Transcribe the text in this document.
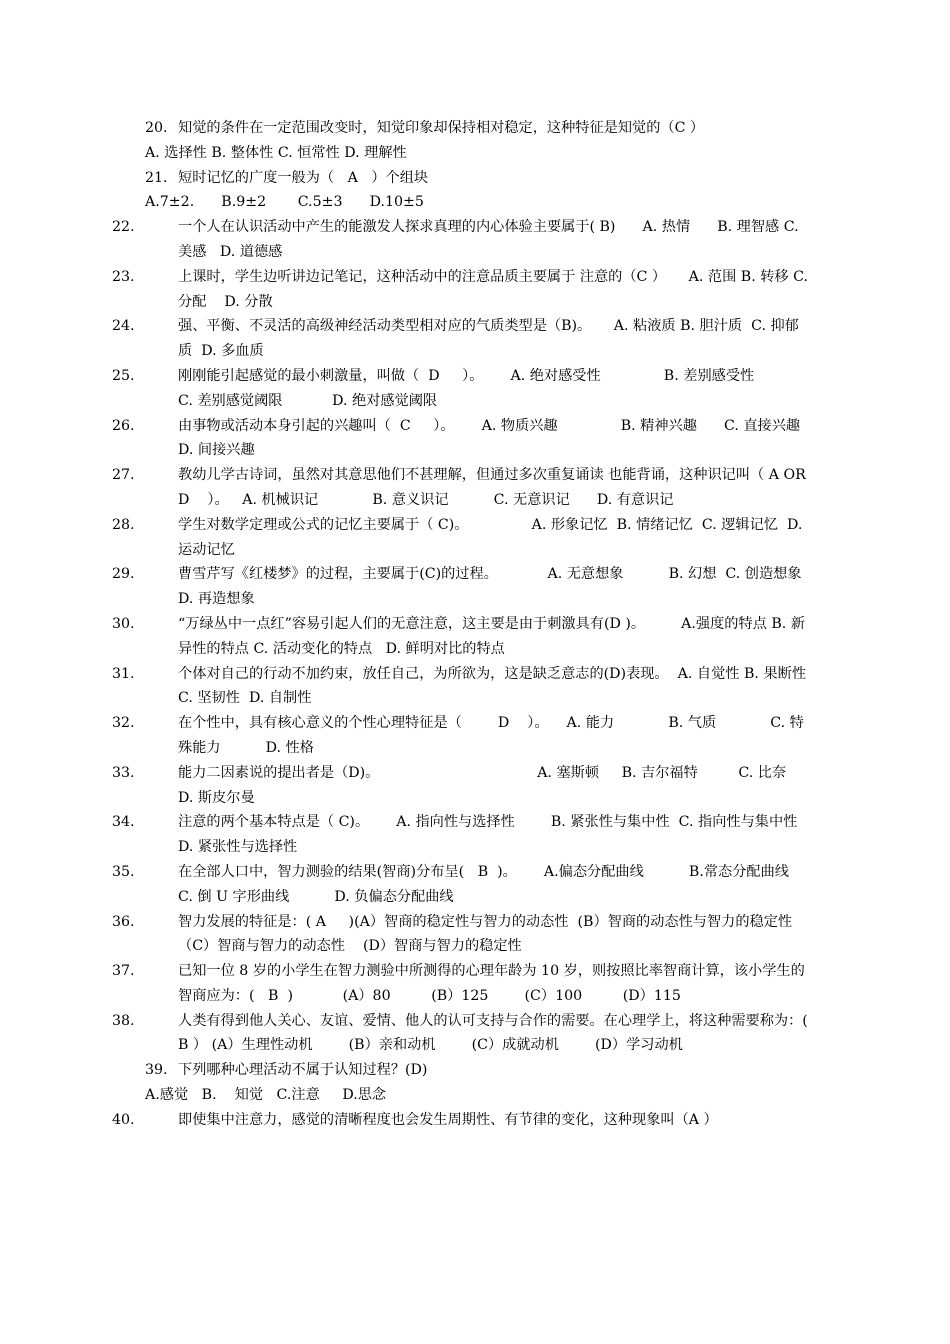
20. 知觉的条件在一定范围改变时，知觉印象却保持相对稳定，这种特征是知觉的（C ）

A. 选择性 B. 整体性 C. 恒常性 D. 理解性

21. 短时记忆的广度一般为（   A   ）个组块

A.7±2.      B.9±2       C.5±3      D.10±5

22.	一个人在认识活动中产生的能激发人探求真理的内心体验主要属于( B)      A. 热情      B. 理智感 C. 美感   D. 道德感

23.	上课时，学生边听讲边记笔记，这种活动中的注意品质主要属于 注意的（C ）     A. 范围 B. 转移 C. 分配    D. 分散

24.	强、平衡、不灵活的高级神经活动类型相对应的气质类型是（B)。     A. 粘液质 B. 胆汁质  C. 抑郁质  D. 多血质

25.	刚刚能引起感觉的最小刺激量，叫做（  D     ）。      A. 绝对感受性              B. 差别感受性          C. 差别感觉阈限           D. 绝对感觉阈限

26.	由事物或活动本身引起的兴趣叫（  C     ）。      A. 物质兴趣              B. 精神兴趣      C. 直接兴趣              D. 间接兴趣

27.	教幼儿学古诗词，虽然对其意思他们不甚理解，但通过多次重复诵读 也能背诵，这种识记叫（ A OR D    ）。   A. 机械识记            B. 意义识记          C. 无意识记      D. 有意识记

28.	学生对数学定理或公式的记忆主要属于（ C)。              A. 形象记忆  B. 情绪记忆  C. 逻辑记忆  D. 运动记忆

29.	曹雪芹写《红楼梦》的过程，主要属于(C)的过程。           A. 无意想象          B. 幻想  C. 创造想象       D. 再造想象

30.	“万绿丛中一点红”容易引起人们的无意注意，这主要是由于刺激具有(D )。        A.强度的特点 B. 新异性的特点 C. 活动变化的特点   D. 鲜明对比的特点

31.	个体对自己的行动不加约束，放任自己，为所欲为，这是缺乏意志的(D)表现。  A. 自觉性 B. 果断性  C. 坚韧性  D. 自制性

32.	在个性中，具有核心意义的个性心理特征是（        D    ）。    A. 能力            B. 气质            C. 特殊能力          D. 性格

33.	能力二因素说的提出者是（D)。                                   A. 塞斯顿     B. 吉尔福特         C. 比奈       D. 斯皮尔曼

34.	注意的两个基本特点是（ C)。      A. 指向性与选择性        B. 紧张性与集中性  C. 指向性与集中性     D. 紧张性与选择性

35.	在全部人口中，智力测验的结果(智商)分布呈(   B  )。      A.偏态分配曲线          B.常态分配曲线      C. 倒 U 字形曲线          D. 负偏态分配曲线

36.	智力发展的特征是：( A     )(A）智商的稳定性与智力的动态性  (B）智商的动态性与智力的稳定性（C）智商与智力的动态性    (D）智商与智力的稳定性

37.	已知一位 8 岁的小学生在智力测验中所测得的心理年龄为 10 岁，则按照比率智商计算，该小学生的智商应为：(   B  )           (A）80         (B）125        (C）100         (D）115

38.	人类有得到他人关心、友谊、爱情、他人的认可支持与合作的需要。在心理学上，将这种需要称为：( B ） (A）生理性动机        (B）亲和动机        (C）成就动机        (D）学习动机

39. 下列哪种心理活动不属于认知过程？(D)

A.感觉   B.    知觉   C.注意     D.思念

40.	即使集中注意力，感觉的清晰程度也会发生周期性、有节律的变化，这种现象叫（A ）
